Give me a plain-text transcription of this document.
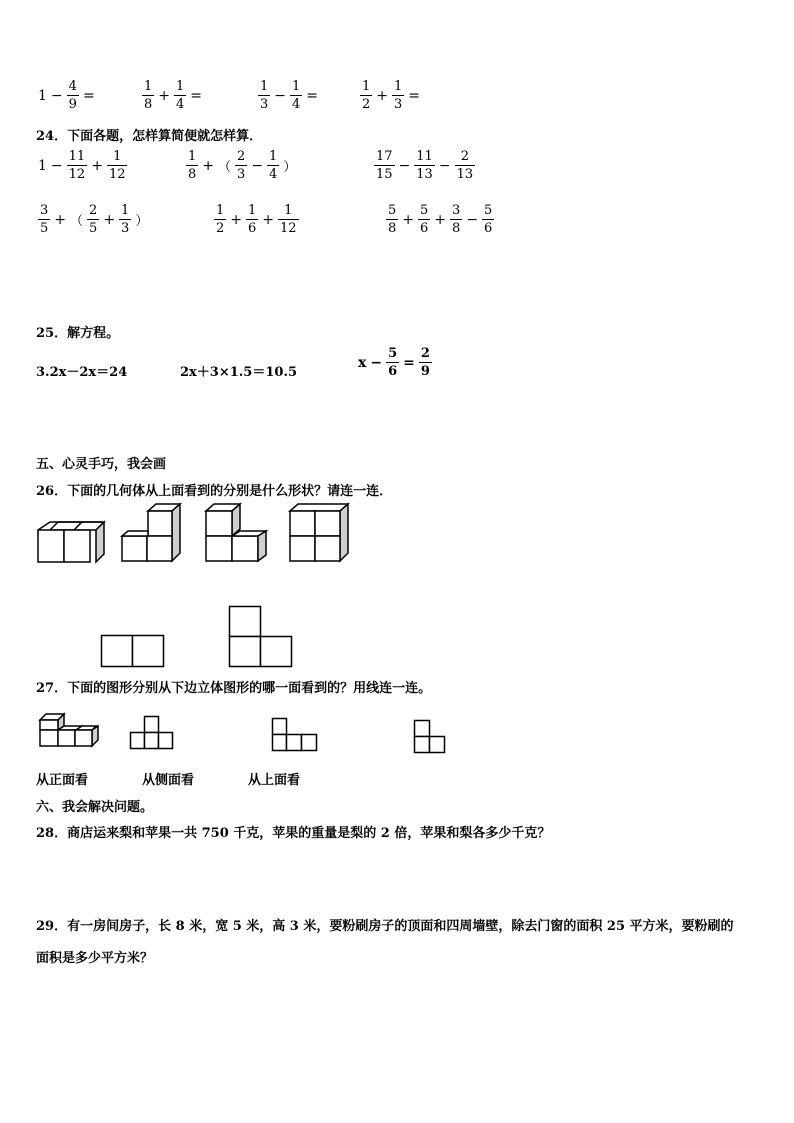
$1 - \frac{4}{9}$ =	$\frac{1}{8} + \frac{1}{4}$ =	$\frac{1}{3} - \frac{1}{4}$ =	$\frac{1}{2} + \frac{1}{3}$ =
24．下面各题，怎样算简便就怎样算．
$1 - \frac{11}{12} + \frac{1}{12}$	$\frac{1}{8}$ + （ $\frac{2}{3} - \frac{1}{4}$ ）	$\frac{17}{15} - \frac{11}{13} - \frac{2}{13}$
$\frac{3}{5}$ + （ $\frac{2}{5} + \frac{1}{3}$ ）	$\frac{1}{2} + \frac{1}{6} + \frac{1}{12}$	$\frac{5}{8} + \frac{5}{6} + \frac{3}{8} - \frac{5}{6}$
25．解方程。
3.2x－2x＝24	2x＋3×1.5＝10.5
$x - \frac{5}{6} = \frac{2}{9}$
五、心灵手巧，我会画
26．下面的几何体从上面看到的分别是什么形状？请连一连．
27．下面的图形分别从下边立体图形的哪一面看到的？用线连一连。
从正面看	从侧面看	从上面看
六、我会解决问题。
28．商店运来梨和苹果一共 750 千克，苹果的重量是梨的 2 倍，苹果和梨各多少千克？
29．有一房间房子，长 8 米，宽 5 米，高 3 米，要粉刷房子的顶面和四周墙壁，除去门窗的面积 25 平方米，要粉刷的
面积是多少平方米？
